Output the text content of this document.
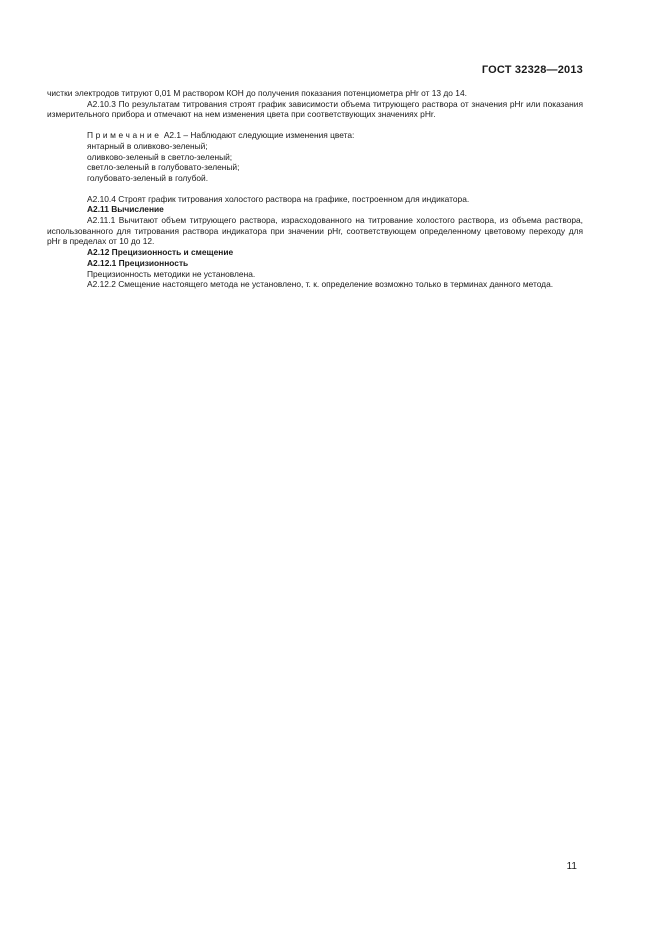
ГОСТ 32328—2013

чистки электродов титруют 0,01 М раствором КОН до получения показания потенциометра pHr от 13 до 14.

А2.10.3 По результатам титрования строят график зависимости объема титрующего раствора от значения pHr или показания измерительного прибора и отмечают на нем изменения цвета при соответствующих значениях pHr.

Примечание А2.1 – Наблюдают следующие изменения цвета:
янтарный в оливково-зеленый;
оливково-зеленый в светло-зеленый;
светло-зеленый в голубовато-зеленый;
голубовато-зеленый в голубой.

А2.10.4 Строят график титрования холостого раствора на графике, построенном для индикатора.

А2.11 Вычисление

А2.11.1 Вычитают объем титрующего раствора, израсходованного на титрование холостого раствора, из объема раствора, использованного для титрования раствора индикатора при значении pHr, соответствующем определенному цветовому переходу для pHr в пределах от 10 до 12.

А2.12 Прецизионность и смещение

А2.12.1 Прецизионность

Прецизионность методики не установлена.

А2.12.2 Смещение настоящего метода не установлено, т. к. определение возможно только в терминах данного метода.

11
